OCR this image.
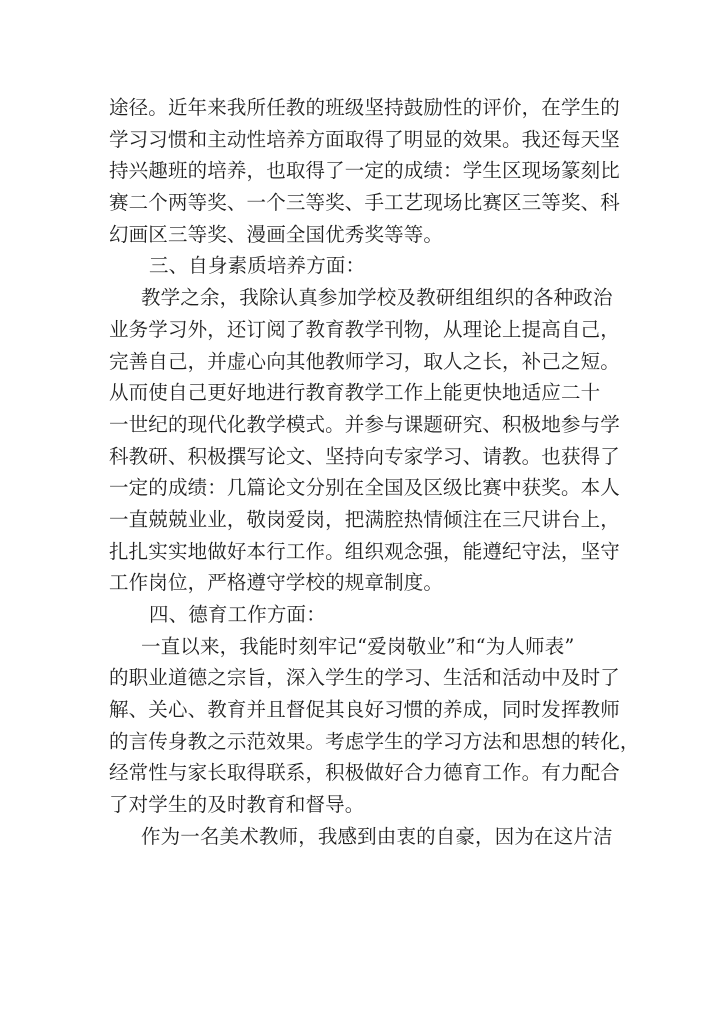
途径。近年来我所任教的班级坚持鼓励性的评价，在学生的
学习习惯和主动性培养方面取得了明显的效果。我还每天坚
持兴趣班的培养，也取得了一定的成绩：学生区现场篆刻比
赛二个两等奖、一个三等奖、手工艺现场比赛区三等奖、科
幻画区三等奖、漫画全国优秀奖等等。
三、自身素质培养方面：
教学之余，我除认真参加学校及教研组组织的各种政治
业务学习外，还订阅了教育教学刊物，从理论上提高自己，
完善自己，并虚心向其他教师学习，取人之长，补己之短。
从而使自己更好地进行教育教学工作上能更快地适应二十
一世纪的现代化教学模式。并参与课题研究、积极地参与学
科教研、积极撰写论文、坚持向专家学习、请教。也获得了
一定的成绩：几篇论文分别在全国及区级比赛中获奖。本人
一直兢兢业业，敬岗爱岗，把满腔热情倾注在三尺讲台上，
扎扎实实地做好本行工作。组织观念强，能遵纪守法，坚守
工作岗位，严格遵守学校的规章制度。
四、德育工作方面：
一直以来，我能时刻牢记“爱岗敬业”和“为人师表”
的职业道德之宗旨，深入学生的学习、生活和活动中及时了
解、关心、教育并且督促其良好习惯的养成，同时发挥教师
的言传身教之示范效果。考虑学生的学习方法和思想的转化，
经常性与家长取得联系，积极做好合力德育工作。有力配合
了对学生的及时教育和督导。
作为一名美术教师，我感到由衷的自豪，因为在这片洁
